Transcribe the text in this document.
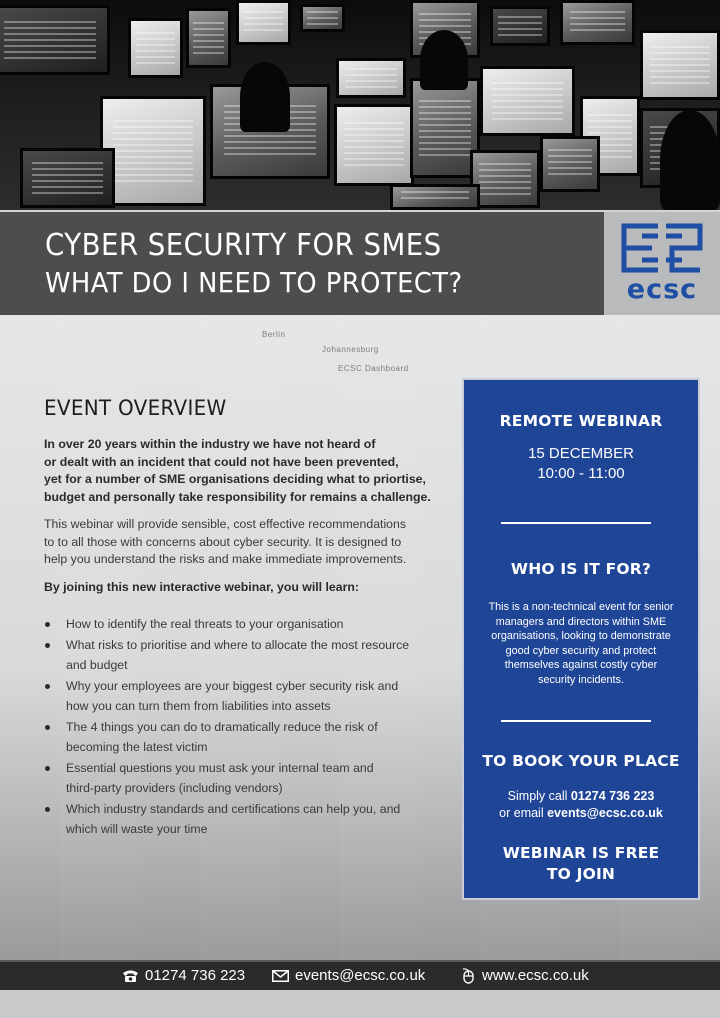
CYBER SECURITY FOR SMES
WHAT DO I NEED TO PROTECT?	ecsc
Berlin
Johannesburg
ECSC Dashboard
EVENT OVERVIEW
In over 20 years within the industry we have not heard of
or dealt with an incident that could not have been prevented,
yet for a number of SME organisations deciding what to priortise,
budget and personally take responsibility for remains a challenge.
This webinar will provide sensible, cost effective recommendations
to to all those with concerns about cyber security. It is designed to
help you understand the risks and make immediate improvements.
By joining this new interactive webinar, you will learn:
How to identify the real threats to your organisation
What risks to prioritise and where to allocate the most resource
and budget
Why your employees are your biggest cyber security risk and
how you can turn them from liabilities into assets
The 4 things you can do to dramatically reduce the risk of
becoming the latest victim
Essential questions you must ask your internal team and
third-party providers (including vendors)
Which industry standards and certifications can help you, and
which will waste your time
REMOTE WEBINAR
15 DECEMBER
10:00 - 11:00
WHO IS IT FOR?
This is a non-technical event for senior
managers and directors within SME
organisations, looking to demonstrate
good cyber security and protect
themselves against costly cyber
security incidents.
TO BOOK YOUR PLACE
Simply call 01274 736 223
or email events@ecsc.co.uk
WEBINAR IS FREE
TO JOIN
01274 736 223	events@ecsc.co.uk	www.ecsc.co.uk
